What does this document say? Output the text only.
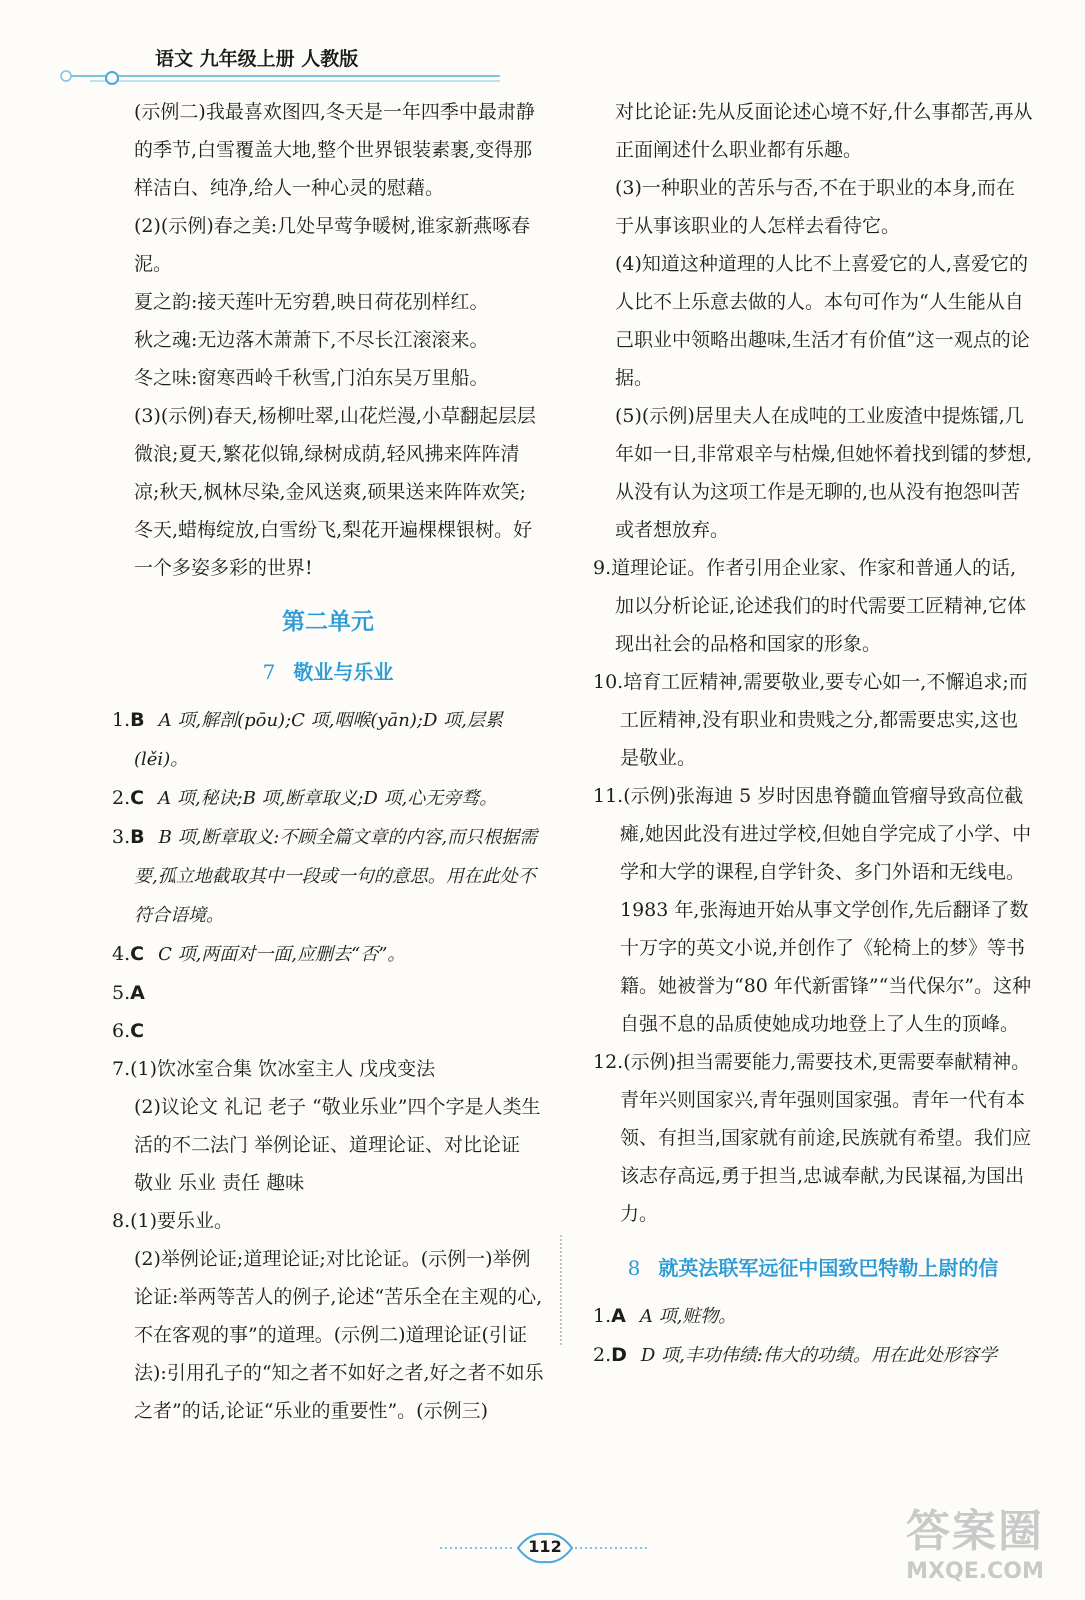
语文 九年级上册 人教版

(示例二)我最喜欢图四,冬天是一年四季中最肃静的季节,白雪覆盖大地,整个世界银装素裹,变得那样洁白、纯净,给人一种心灵的慰藉。

(2)(示例)春之美:几处早莺争暖树,谁家新燕啄春泥。

夏之韵:接天莲叶无穷碧,映日荷花别样红。

秋之魂:无边落木萧萧下,不尽长江滚滚来。

冬之味:窗寒西岭千秋雪,门泊东吴万里船。

(3)(示例)春天,杨柳吐翠,山花烂漫,小草翻起层层微浪;夏天,繁花似锦,绿树成荫,轻风拂来阵阵清凉;秋天,枫林尽染,金风送爽,硕果送来阵阵欢笑;冬天,蜡梅绽放,白雪纷飞,梨花开遍棵棵银树。好一个多姿多彩的世界!

第二单元
7 敬业与乐业

1.B A 项,解剖(pōu);C 项,咽喉(yān);D 项,层累(lěi)。

2.C A 项,秘诀;B 项,断章取义;D 项,心无旁骛。

3.B B 项,断章取义:不顾全篇文章的内容,而只根据需要,孤立地截取其中一段或一句的意思。用在此处不符合语境。

4.C C 项,两面对一面,应删去“否”。

5.A

6.C

7.(1)饮冰室合集 饮冰室主人 戊戌变法

(2)议论文 礼记 老子 “敬业乐业”四个字是人类生活的不二法门 举例论证、道理论证、对比论证 敬业 乐业 责任 趣味

8.(1)要乐业。

(2)举例论证;道理论证;对比论证。(示例一)举例论证:举两等苦人的例子,论述“苦乐全在主观的心,不在客观的事”的道理。(示例二)道理论证(引证法):引用孔子的“知之者不如好之者,好之者不如乐之者”的话,论证“乐业的重要性”。(示例三)

对比论证:先从反面论述心境不好,什么事都苦,再从正面阐述什么职业都有乐趣。

(3)一种职业的苦乐与否,不在于职业的本身,而在于从事该职业的人怎样去看待它。

(4)知道这种道理的人比不上喜爱它的人,喜爱它的人比不上乐意去做的人。本句可作为“人生能从自己职业中领略出趣味,生活才有价值”这一观点的论据。

(5)(示例)居里夫人在成吨的工业废渣中提炼镭,几年如一日,非常艰辛与枯燥,但她怀着找到镭的梦想,从没有认为这项工作是无聊的,也从没有抱怨叫苦或者想放弃。

9.道理论证。作者引用企业家、作家和普通人的话,加以分析论证,论述我们的时代需要工匠精神,它体现出社会的品格和国家的形象。

10.培育工匠精神,需要敬业,要专心如一,不懈追求;而工匠精神,没有职业和贵贱之分,都需要忠实,这也是敬业。

11.(示例)张海迪 5 岁时因患脊髓血管瘤导致高位截瘫,她因此没有进过学校,但她自学完成了小学、中学和大学的课程,自学针灸、多门外语和无线电。1983 年,张海迪开始从事文学创作,先后翻译了数十万字的英文小说,并创作了《轮椅上的梦》等书籍。她被誉为“80 年代新雷锋”“当代保尔”。这种自强不息的品质使她成功地登上了人生的顶峰。

12.(示例)担当需要能力,需要技术,更需要奉献精神。青年兴则国家兴,青年强则国家强。青年一代有本领、有担当,国家就有前途,民族就有希望。我们应该志存高远,勇于担当,忠诚奉献,为民谋福,为国出力。

8 就英法联军远征中国致巴特勒上尉的信

1.A A 项,赃物。

2.D D 项,丰功伟绩:伟大的功绩。用在此处形容学

112	答案圈
MXQE.COM
